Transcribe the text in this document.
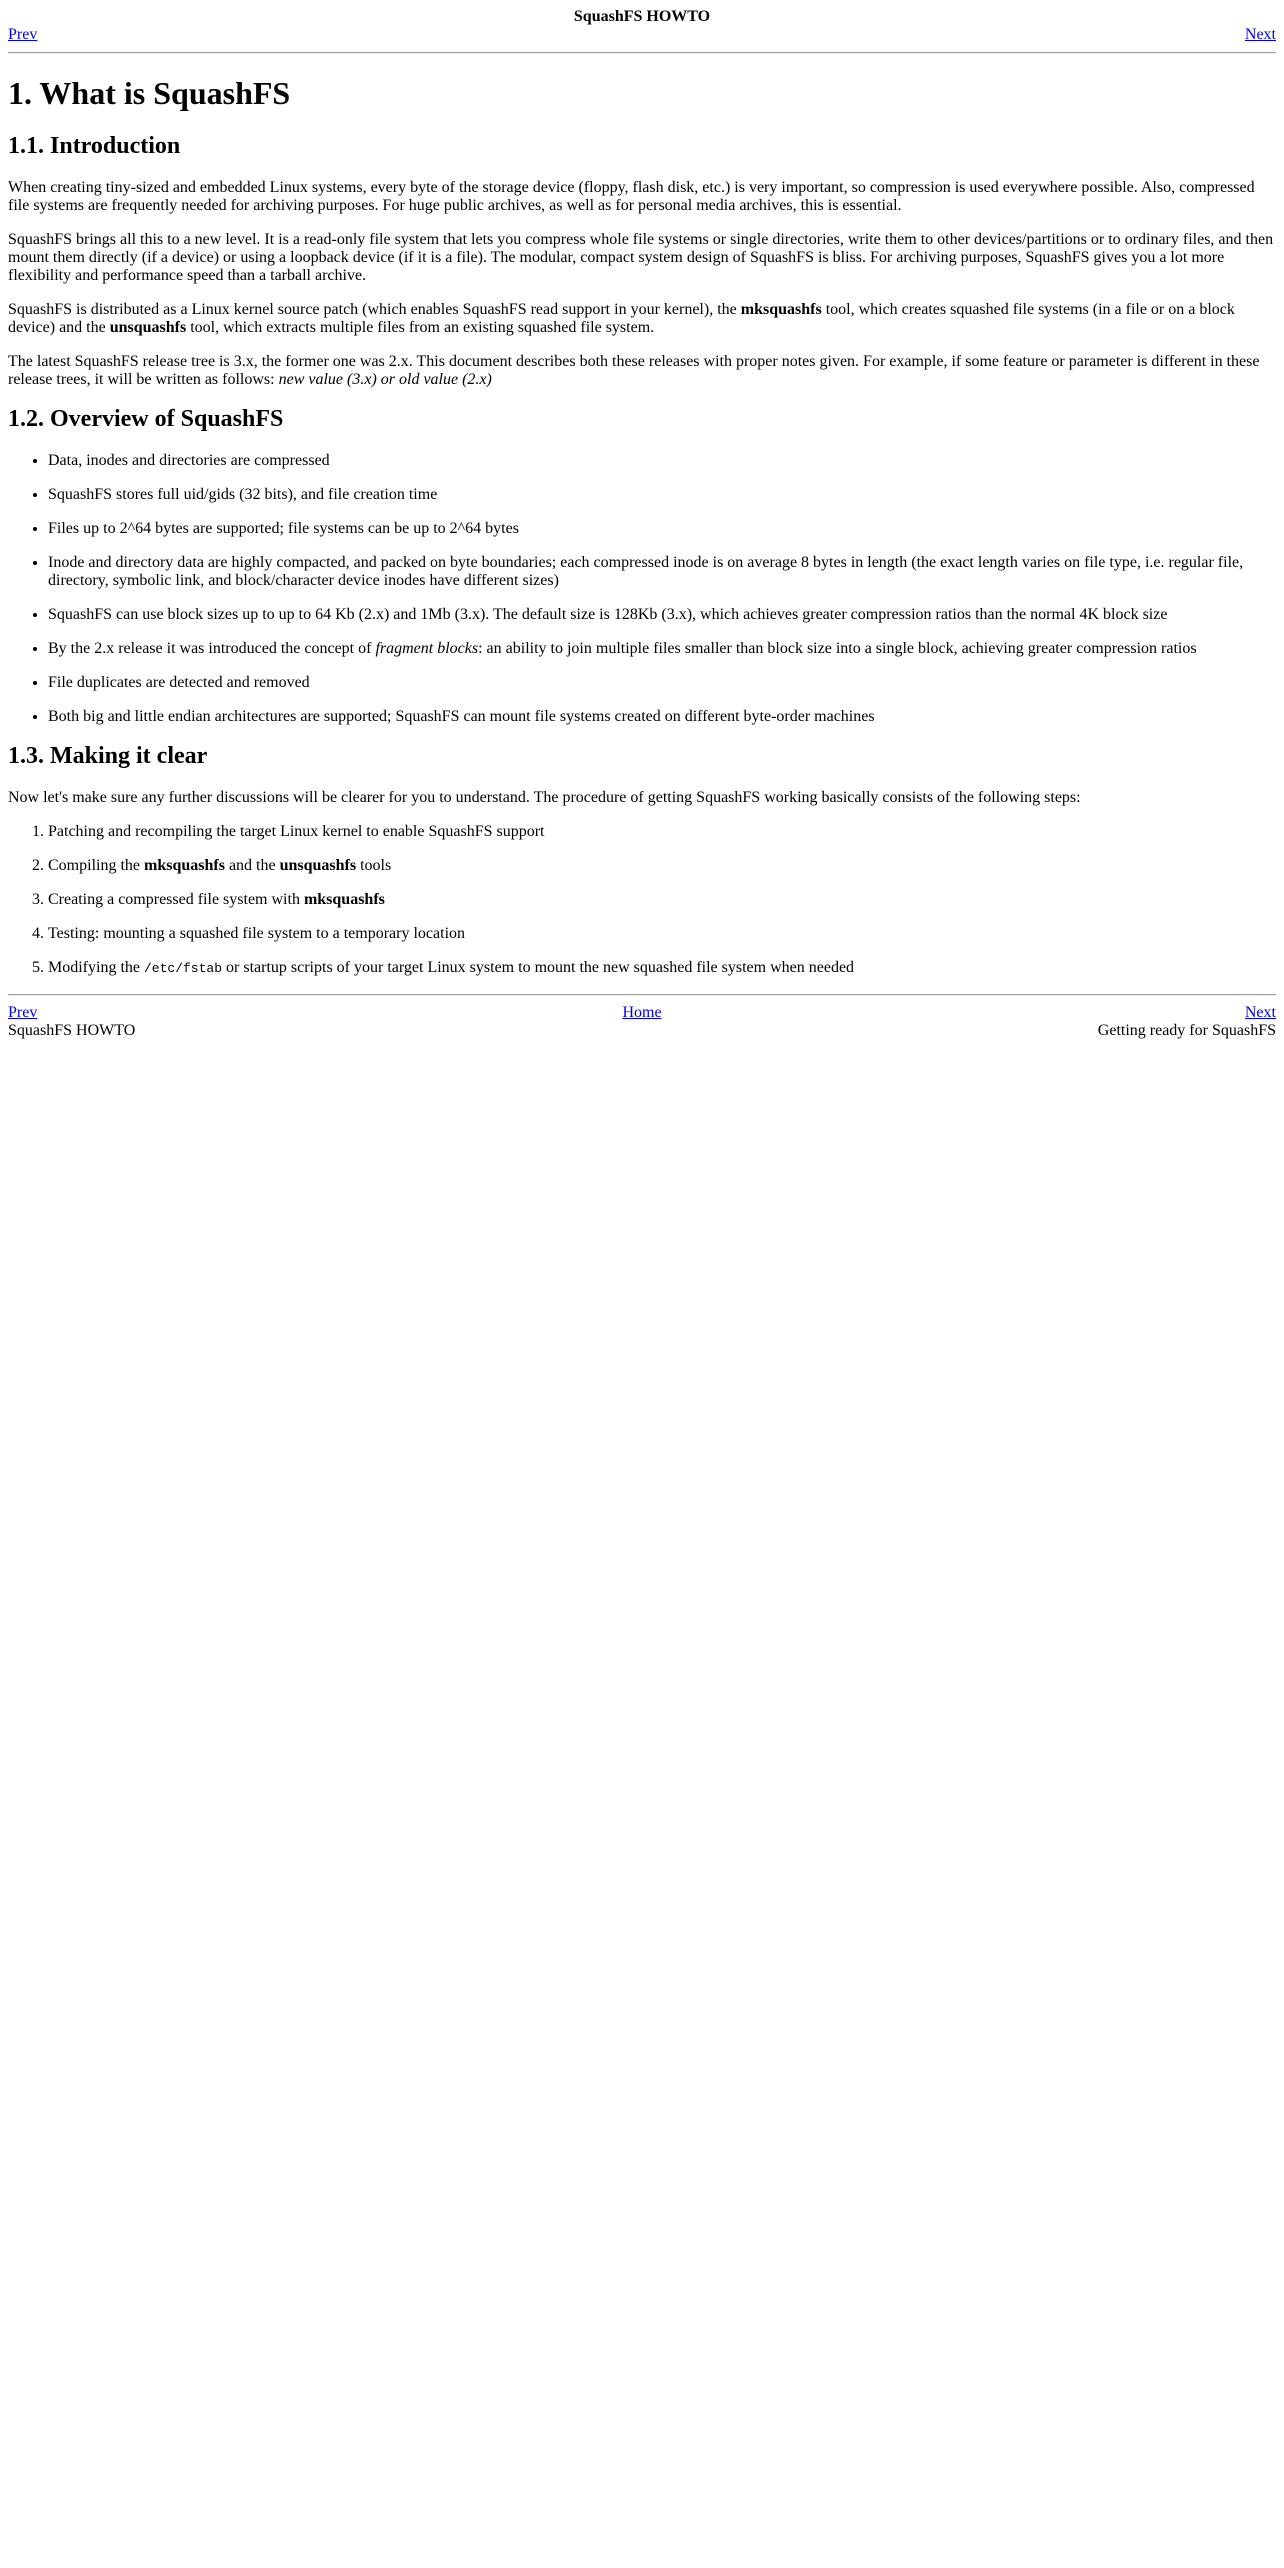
SquashFS HOWTO
Prev	Next
1. What is SquashFS
1.1. Introduction

When creating tiny-sized and embedded Linux systems, every byte of the storage device (floppy, flash disk, etc.) is very important, so compression is used everywhere possible. Also, compressed file systems are frequently needed for archiving purposes. For huge public archives, as well as for personal media archives, this is essential.

SquashFS brings all this to a new level. It is a read-only file system that lets you compress whole file systems or single directories, write them to other devices/partitions or to ordinary files, and then mount them directly (if a device) or using a loopback device (if it is a file). The modular, compact system design of SquashFS is bliss. For archiving purposes, SquashFS gives you a lot more flexibility and performance speed than a tarball archive.

SquashFS is distributed as a Linux kernel source patch (which enables SquashFS read support in your kernel), the mksquashfs tool, which creates squashed file systems (in a file or on a block device) and the unsquashfs tool, which extracts multiple files from an existing squashed file system.

The latest SquashFS release tree is 3.x, the former one was 2.x. This document describes both these releases with proper notes given. For example, if some feature or parameter is different in these release trees, it will be written as follows: new value (3.x) or old value (2.x)

1.2. Overview of SquashFS
• Data, inodes and directories are compressed
• SquashFS stores full uid/gids (32 bits), and file creation time
• Files up to 2^64 bytes are supported; file systems can be up to 2^64 bytes
• Inode and directory data are highly compacted, and packed on byte boundaries; each compressed inode is on average 8 bytes in length (the exact length varies on file type, i.e. regular file, directory, symbolic link, and block/character device inodes have different sizes)
• SquashFS can use block sizes up to up to 64 Kb (2.x) and 1Mb (3.x). The default size is 128Kb (3.x), which achieves greater compression ratios than the normal 4K block size
• By the 2.x release it was introduced the concept of fragment blocks: an ability to join multiple files smaller than block size into a single block, achieving greater compression ratios
• File duplicates are detected and removed
• Both big and little endian architectures are supported; SquashFS can mount file systems created on different byte-order machines
1.3. Making it clear

Now let's make sure any further discussions will be clearer for you to understand. The procedure of getting SquashFS working basically consists of the following steps:

1. Patching and recompiling the target Linux kernel to enable SquashFS support
2. Compiling the mksquashfs and the unsquashfs tools
3. Creating a compressed file system with mksquashfs
4. Testing: mounting a squashed file system to a temporary location
5. Modifying the /etc/fstab or startup scripts of your target Linux system to mount the new squashed file system when needed
Prev	Home	Next
SquashFS HOWTO	Getting ready for SquashFS
